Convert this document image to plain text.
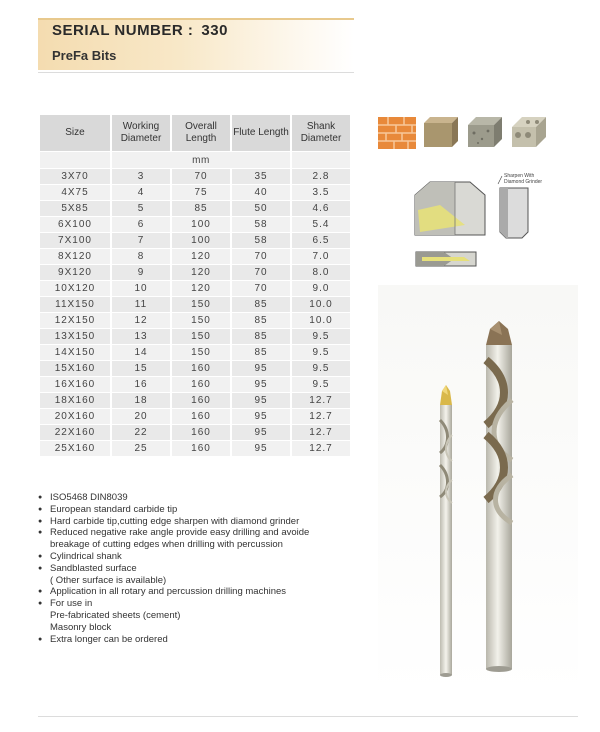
SERIAL NUMBER : 330
PreFa Bits
Size	Working Diameter	Overall Length	Flute Length	Shank Diameter
	mm			
3X70	3	70	35	2.8
4X75	4	75	40	3.5
5X85	5	85	50	4.6
6X100	6	100	58	5.4
7X100	7	100	58	6.5
8X120	8	120	70	7.0
9X120	9	120	70	8.0
10X120	10	120	70	9.0
11X150	11	150	85	10.0
12X150	12	150	85	10.0
13X150	13	150	85	9.5
14X150	14	150	85	9.5
15X160	15	160	95	9.5
16X160	16	160	95	9.5
18X160	18	160	95	12.7
20X160	20	160	95	12.7
22X160	22	160	95	12.7
25X160	25	160	95	12.7
● ISO5468 DIN8039
● European standard carbide tip
● Hard carbide tip,cutting edge sharpen with diamond grinder
● Reduced negative rake angle provide easy drilling and avoide breakage of cutting edges when drilling with percussion
● Cylindrical shank
● Sandblasted surface
( Other surface is available)
● Application in all rotary and percussion drilling machines
● For use in
Pre-fabricated sheets (cement)
Masonry block
● Extra longer can be ordered
Sharpen With
Diamond Grinder
